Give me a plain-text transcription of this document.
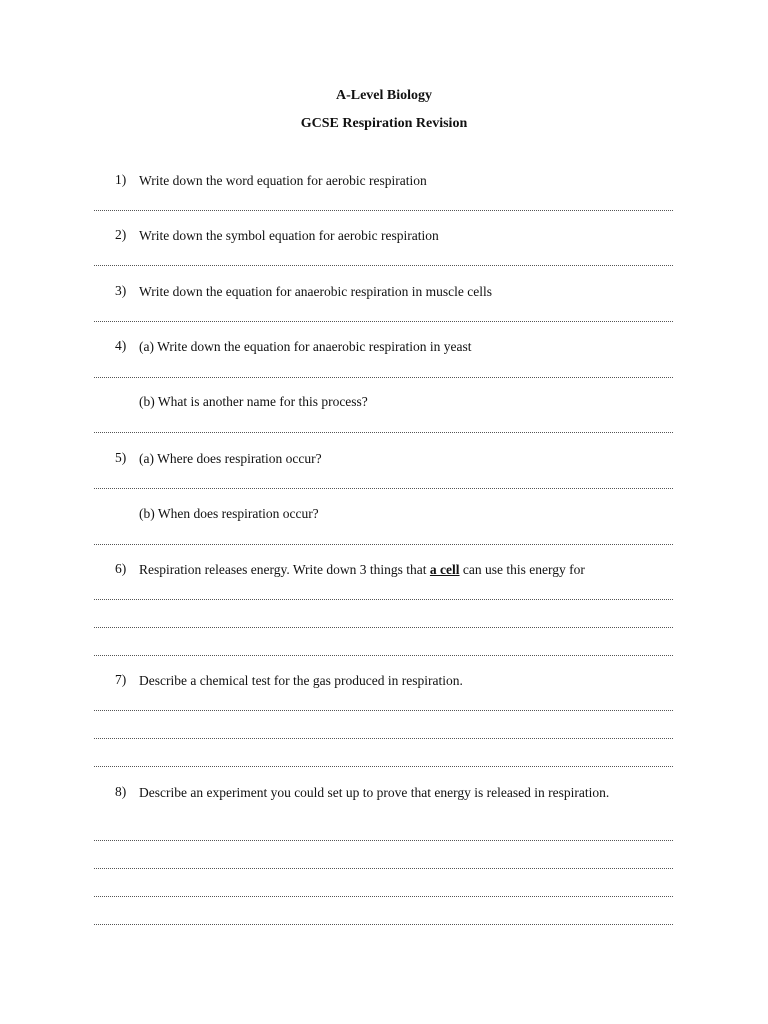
A-Level Biology
GCSE Respiration Revision
1) Write down the word equation for aerobic respiration
2) Write down the symbol equation for aerobic respiration
3) Write down the equation for anaerobic respiration in muscle cells
4) (a) Write down the equation for anaerobic respiration in yeast
(b) What is another name for this process?
5) (a) Where does respiration occur?
(b) When does respiration occur?
6) Respiration releases energy. Write down 3 things that a cell can use this energy for
7) Describe a chemical test for the gas produced in respiration.
8) Describe an experiment you could set up to prove that energy is released in respiration.
